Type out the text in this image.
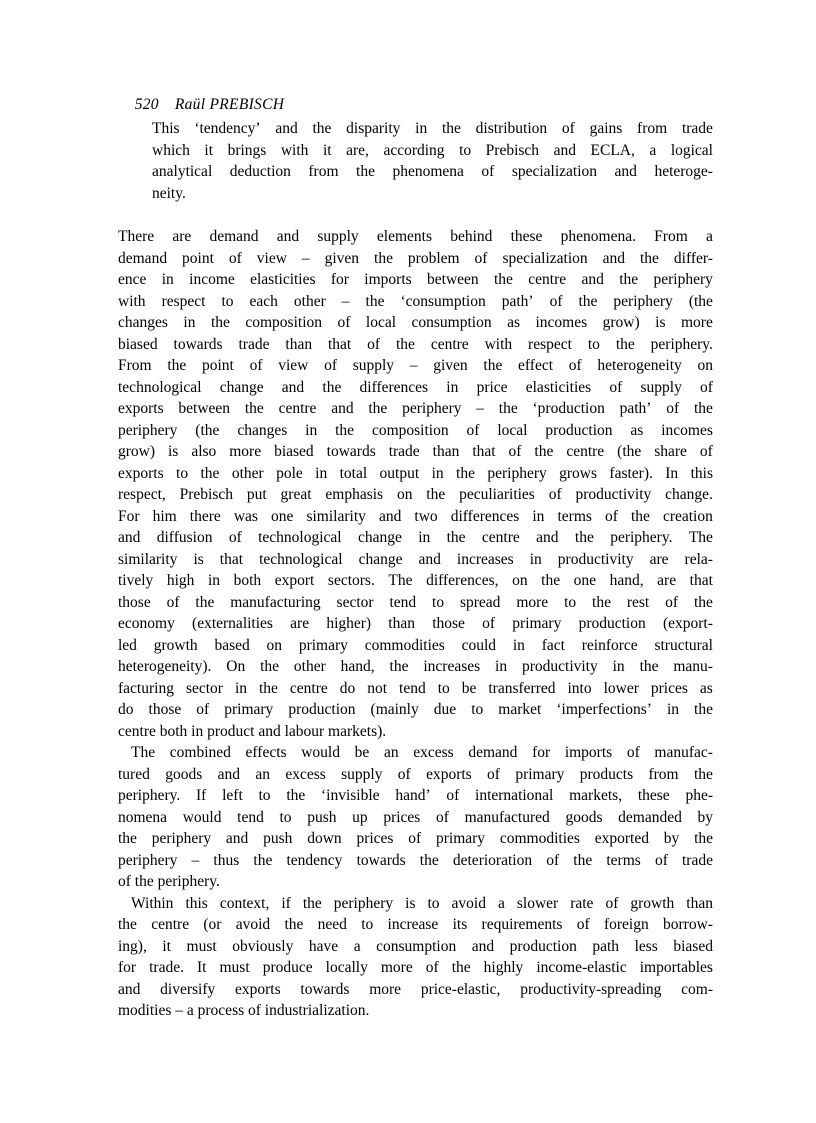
520 Raül PREBISCH

This ‘tendency’ and the disparity in the distribution of gains from trade
which it brings with it are, according to Prebisch and ECLA, a logical
analytical deduction from the phenomena of specialization and heteroge-
neity.
There are demand and supply elements behind these phenomena. From a
demand point of view – given the problem of specialization and the differ-
ence in income elasticities for imports between the centre and the periphery
with respect to each other – the ‘consumption path’ of the periphery (the
changes in the composition of local consumption as incomes grow) is more
biased towards trade than that of the centre with respect to the periphery.
From the point of view of supply – given the effect of heterogeneity on
technological change and the differences in price elasticities of supply of
exports between the centre and the periphery – the ‘production path’ of the
periphery (the changes in the composition of local production as incomes
grow) is also more biased towards trade than that of the centre (the share of
exports to the other pole in total output in the periphery grows faster). In this
respect, Prebisch put great emphasis on the peculiarities of productivity change.
For him there was one similarity and two differences in terms of the creation
and diffusion of technological change in the centre and the periphery. The
similarity is that technological change and increases in productivity are rela-
tively high in both export sectors. The differences, on the one hand, are that
those of the manufacturing sector tend to spread more to the rest of the
economy (externalities are higher) than those of primary production (export-
led growth based on primary commodities could in fact reinforce structural
heterogeneity). On the other hand, the increases in productivity in the manu-
facturing sector in the centre do not tend to be transferred into lower prices as
do those of primary production (mainly due to market ‘imperfections’ in the
centre both in product and labour markets).
The combined effects would be an excess demand for imports of manufac-
tured goods and an excess supply of exports of primary products from the
periphery. If left to the ‘invisible hand’ of international markets, these phe-
nomena would tend to push up prices of manufactured goods demanded by
the periphery and push down prices of primary commodities exported by the
periphery – thus the tendency towards the deterioration of the terms of trade
of the periphery.
Within this context, if the periphery is to avoid a slower rate of growth than
the centre (or avoid the need to increase its requirements of foreign borrow-
ing), it must obviously have a consumption and production path less biased
for trade. It must produce locally more of the highly income-elastic importables
and diversify exports towards more price-elastic, productivity-spreading com-
modities – a process of industrialization.
